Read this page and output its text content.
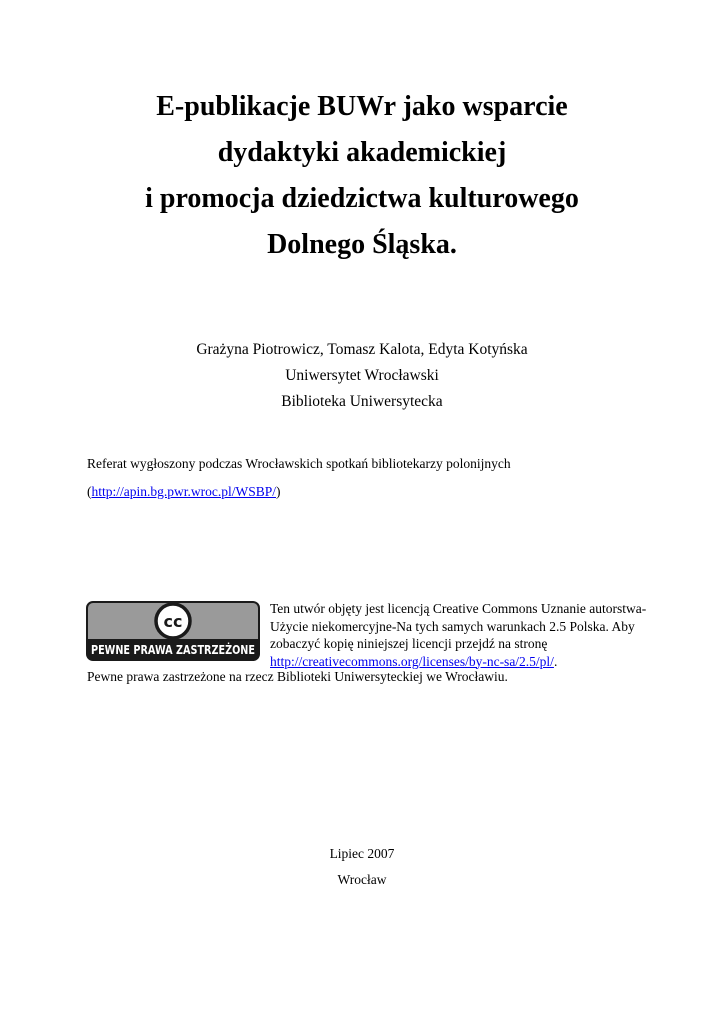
E-publikacje BUWr jako wsparcie
dydaktyki akademickiej
i promocja dziedzictwa kulturowego
Dolnego Śląska.
Grażyna Piotrowicz, Tomasz Kalota, Edyta Kotyńska
Uniwersytet Wrocławski
Biblioteka Uniwersytecka
Referat wygłoszony podczas Wrocławskich spotkań bibliotekarzy polonijnych
(http://apin.bg.pwr.wroc.pl/WSBP/)
cc
PEWNE PRAWA ZASTRZEŻONE
Ten utwór objęty jest licencją Creative Commons Uznanie autorstwa-Użycie niekomercyjne-Na tych samych warunkach 2.5 Polska. Aby zobaczyć kopię niniejszej licencji przejdź na stronę http://creativecommons.org/licenses/by-nc-sa/2.5/pl/.
Pewne prawa zastrzeżone na rzecz Biblioteki Uniwersyteckiej we Wrocławiu.
Lipiec 2007
Wrocław
